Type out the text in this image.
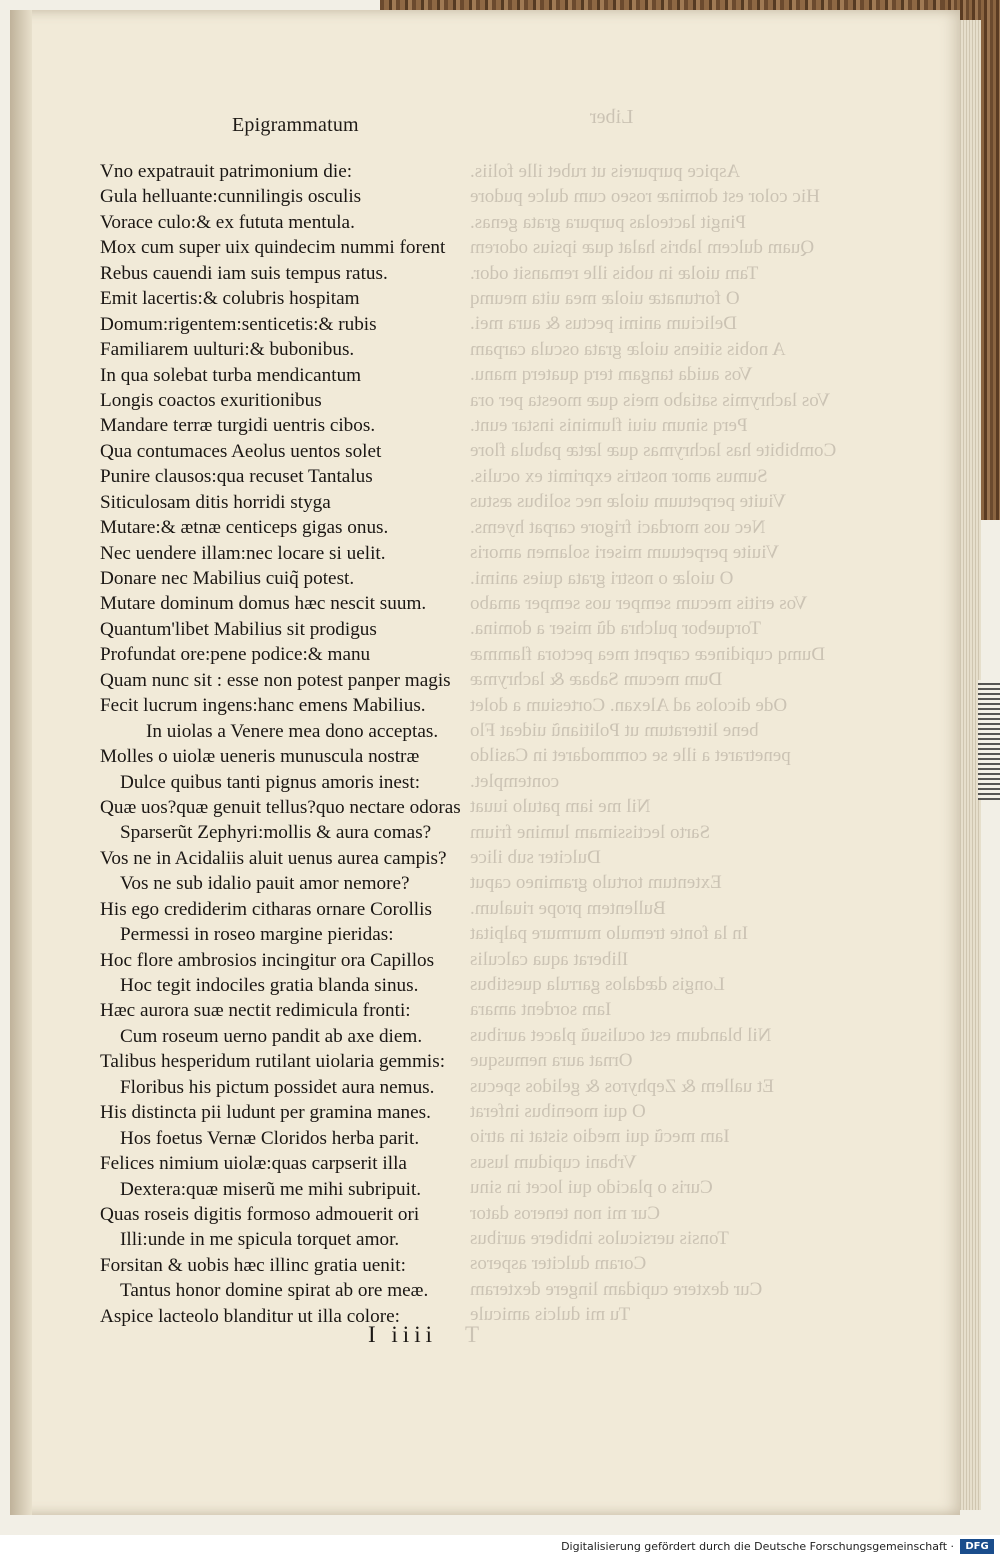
Liber
Aspice purpureis ut rubet ille foliis.
Hic color est dominæ roseo cum dulce pudore
Pingit lacteolas purpura grata genas.
Quam dulcem labris halat quæ ipsius odorem
Tam uiolæ in uobis ille remansit odor.
O fortunatæ uiolæ mea uita meumq
Delicium animi pectus & aura mei.
A nobis sitiens uiolæ grata oscula carpam
Vos auida tangam terq quaterq manu.
Vos lachrymis satiabo meis quæ moesta per ora
Perq sinum uiui fluminis instar eunt.
Combibite has lachrymas quæ lætæ pabula flore
Sumus amor nostris exprimit ex oculis.
Viuite perpetuum uiolæ nec solibus æstus
Nec uos mordaci frigore carpat hyems.
Viuite perpetuum miseri solamen amoris
O uiolæ o nostri grata quies animi.
Vos eritis mecum semper uos semper amabo
Torquebor pulchra dũ miser a domina.
Dumq cupidineæ carpent mea pectora flammæ
Dum mecum Sabaæ & lachrymæ
Ode dicolos ad Alexan. Cortesium a dolet
bene litteratum ut Politianũ uideat Flo
penetraret a ille se commodaret in Casildo
contemplet.
Nil me iam patulo iuuat
Sarto lectissimam lumine frium
Dulciter sub ilice
Extentum tortulo gramineo caput
Bullentem prope riualum.
In la fonte tremulo murmure palpitat
Iliberat aqua calculis
Longis dædalos garrula questibus
Iam sordent amara
Nil blandum est oculisuũ placet auribus
Ornat aura nemusque
Et uallem & Zephyros & gelidos specus
O qui moenibus inferat
Iam mecũ qui medio sistat in atrio
Vrbani cupidum lusus
Curis o placido qui locet in sinu
Cur mi non teneros dator
Tonsis uersiculos inbibere auribus
Coram dulciter asperos
Cur dextere cupidam lingere dexteram
Tu mi dulcis amicule
Epigrammatum
Vno expatrauit patrimonium die:
Gula helluante:cunnilingis osculis
Vorace culo:& ex fututa mentula.
Mox cum super uix quindecim nummi forent
Rebus cauendi iam suis tempus ratus.
Emit lacertis:& colubris hospitam
Domum:rigentem:senticetis:& rubis
Familiarem uulturi:& bubonibus.
In qua solebat turba mendicantum
Longis coactos exuritionibus
Mandare terræ turgidi uentris cibos.
Qua contumaces Aeolus uentos solet
Punire clausos:qua recuset Tantalus
Siticulosam ditis horridi styga
Mutare:& ætnæ centiceps gigas onus.
Nec uendere illam:nec locare si uelit.
Donare nec Mabilius cuiq̃ potest.
Mutare dominum domus hæc nescit suum.
Quantum'libet Mabilius sit prodigus
Profundat ore:pene podice:& manu
Quam nunc sit : esse non potest panper magis
Fecit lucrum ingens:hanc emens Mabilius.
In uiolas a Venere mea dono acceptas.
Molles o uiolæ ueneris munuscula nostræ
Dulce quibus tanti pignus amoris inest:
Quæ uos?quæ genuit tellus?quo nectare odoras
Sparserũt Zephyri:mollis & aura comas?
Vos ne in Acidaliis aluit uenus aurea campis?
Vos ne sub idalio pauit amor nemore?
His ego crediderim citharas ornare Corollis
Permessi in roseo margine pieridas:
Hoc flore ambrosios incingitur ora Capillos
Hoc tegit indociles gratia blanda sinus.
Hæc aurora suæ nectit redimicula fronti:
Cum roseum uerno pandit ab axe diem.
Talibus hesperidum rutilant uiolaria gemmis:
Floribus his pictum possidet aura nemus.
His distincta pii ludunt per gramina manes.
Hos foetus Vernæ Cloridos herba parit.
Felices nimium uiolæ:quas carpserit illa
Dextera:quæ miserũ me mihi subripuit.
Quas roseis digitis formoso admouerit ori
Illi:unde in me spicula torquet amor.
Forsitan & uobis hæc illinc gratia uenit:
Tantus honor domine spirat ab ore meæ.
Aspice lacteolo blanditur ut illa colore:
I iiii T
Digitalisierung gefördert durch die Deutsche Forschungsgemeinschaft ·	DFG
